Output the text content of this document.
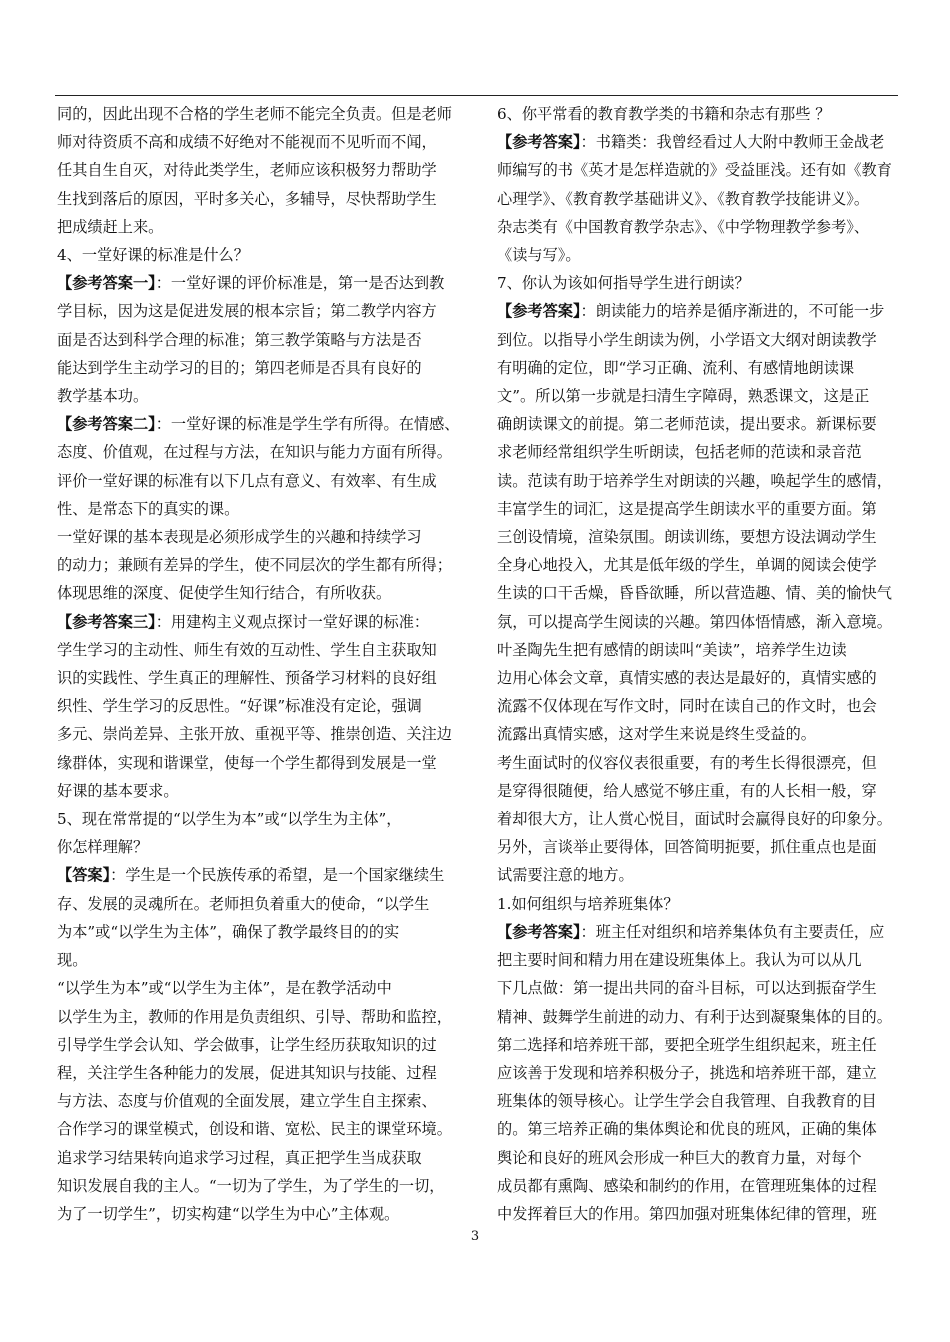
同的，因此出现不合格的学生老师不能完全负责。但是老师

师对待资质不高和成绩不好绝对不能视而不见听而不闻，

任其自生自灭，对待此类学生，老师应该积极努力帮助学

生找到落后的原因，平时多关心，多辅导，尽快帮助学生

把成绩赶上来。

4、一堂好课的标准是什么？

【参考答案一】：一堂好课的评价标准是，第一是否达到教

学目标，因为这是促进发展的根本宗旨；第二教学内容方

面是否达到科学合理的标准；第三教学策略与方法是否

能达到学生主动学习的目的；第四老师是否具有良好的

教学基本功。

【参考答案二】：一堂好课的标准是学生学有所得。在情感、

态度、价值观，在过程与方法，在知识与能力方面有所得。

评价一堂好课的标准有以下几点有意义、有效率、有生成

性、是常态下的真实的课。

一堂好课的基本表现是必须形成学生的兴趣和持续学习

的动力；兼顾有差异的学生，使不同层次的学生都有所得；

体现思维的深度、促使学生知行结合，有所收获。

【参考答案三】：用建构主义观点探讨一堂好课的标准：

学生学习的主动性、师生有效的互动性、学生自主获取知

识的实践性、学生真正的理解性、预备学习材料的良好组

织性、学生学习的反思性。“好课”标准没有定论，强调

多元、崇尚差异、主张开放、重视平等、推崇创造、关注边

缘群体，实现和谐课堂，使每一个学生都得到发展是一堂

好课的基本要求。

5、现在常常提的“以学生为本”或“以学生为主体”，

你怎样理解？

【答案】：学生是一个民族传承的希望，是一个国家继续生

存、发展的灵魂所在。老师担负着重大的使命，“以学生

为本”或“以学生为主体”，确保了教学最终目的的实

现。

“以学生为本”或“以学生为主体”，是在教学活动中

以学生为主，教师的作用是负责组织、引导、帮助和监控，

引导学生学会认知、学会做事，让学生经历获取知识的过

程，关注学生各种能力的发展，促进其知识与技能、过程

与方法、态度与价值观的全面发展，建立学生自主探索、

合作学习的课堂模式，创设和谐、宽松、民主的课堂环境。

追求学习结果转向追求学习过程，真正把学生当成获取

知识发展自我的主人。“一切为了学生，为了学生的一切，

为了一切学生”，切实构建“以学生为中心”主体观。

6、你平常看的教育教学类的书籍和杂志有那些 ？

【参考答案】：书籍类：我曾经看过人大附中教师王金战老

师编写的书《英才是怎样造就的》受益匪浅。还有如《教育

心理学》、《教育教学基础讲义》、《教育教学技能讲义》。

杂志类有《中国教育教学杂志》、《中学物理教学参考》、

《读与写》。

7、你认为该如何指导学生进行朗读？

【参考答案】：朗读能力的培养是循序渐进的，不可能一步

到位。以指导小学生朗读为例，小学语文大纲对朗读教学

有明确的定位，即“学习正确、流利、有感情地朗读课

文”。所以第一步就是扫清生字障碍，熟悉课文，这是正

确朗读课文的前提。第二老师范读，提出要求。新课标要

求老师经常组织学生听朗读，包括老师的范读和录音范

读。范读有助于培养学生对朗读的兴趣，唤起学生的感情，

丰富学生的词汇，这是提高学生朗读水平的重要方面。第

三创设情境，渲染氛围。朗读训练，要想方设法调动学生

全身心地投入，尤其是低年级的学生，单调的阅读会使学

生读的口干舌燥，昏昏欲睡，所以营造趣、情、美的愉快气

氛，可以提高学生阅读的兴趣。第四体悟情感，渐入意境。

叶圣陶先生把有感情的朗读叫“美读”，培养学生边读

边用心体会文章，真情实感的表达是最好的，真情实感的

流露不仅体现在写作文时，同时在读自己的作文时，也会

流露出真情实感，这对学生来说是终生受益的。

考生面试时的仪容仪表很重要，有的考生长得很漂亮，但

是穿得很随便，给人感觉不够庄重，有的人长相一般，穿

着却很大方，让人赏心悦目，面试时会赢得良好的印象分。

另外，言谈举止要得体，回答简明扼要，抓住重点也是面

试需要注意的地方。

1.如何组织与培养班集体？

【参考答案】：班主任对组织和培养集体负有主要责任，应

把主要时间和精力用在建设班集体上。我认为可以从几

下几点做：第一提出共同的奋斗目标，可以达到振奋学生

精神、鼓舞学生前进的动力、有利于达到凝聚集体的目的。

第二选择和培养班干部，要把全班学生组织起来，班主任

应该善于发现和培养积极分子，挑选和培养班干部，建立

班集体的领导核心。让学生学会自我管理、自我教育的目

的。第三培养正确的集体舆论和优良的班风，正确的集体

舆论和良好的班风会形成一种巨大的教育力量，对每个

成员都有熏陶、感染和制约的作用，在管理班集体的过程

中发挥着巨大的作用。第四加强对班集体纪律的管理，班

3
